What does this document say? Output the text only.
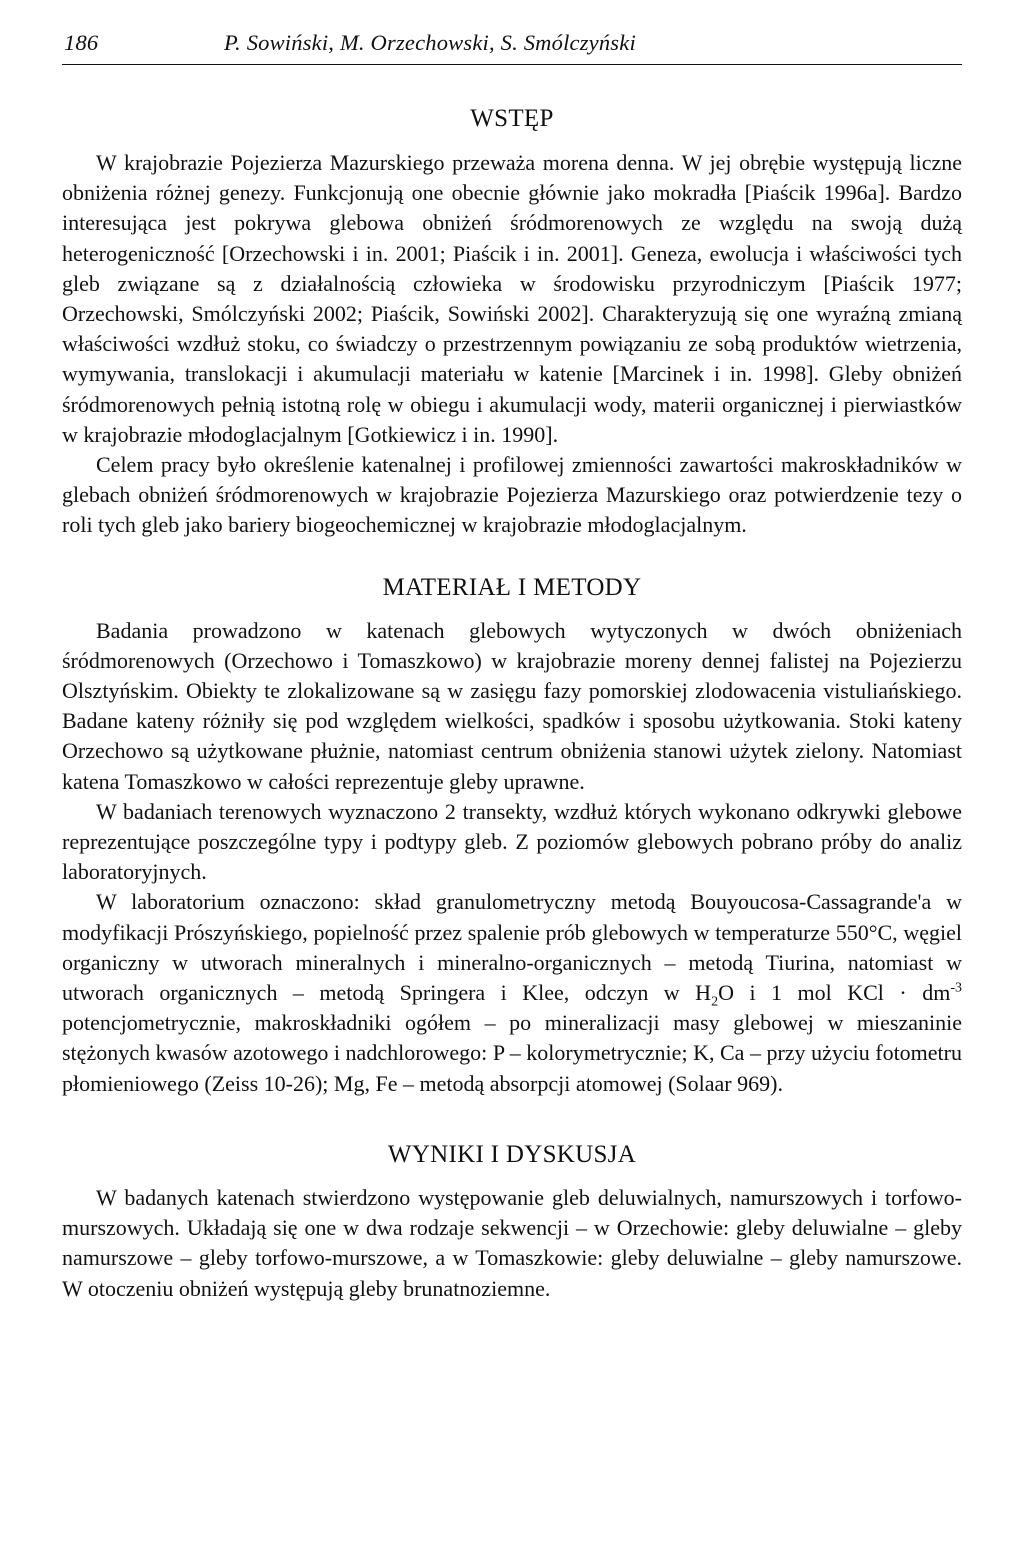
186	P. Sowiński, M. Orzechowski, S. Smólczyński
WSTĘP

W krajobrazie Pojezierza Mazurskiego przeważa morena denna. W jej obrębie występują liczne obniżenia różnej genezy. Funkcjonują one obecnie głównie jako mokradła [Piaścik 1996a]. Bardzo interesująca jest pokrywa glebowa obniżeń śródmorenowych ze względu na swoją dużą heterogeniczność [Orzechowski i in. 2001; Piaścik i in. 2001]. Geneza, ewolucja i właściwości tych gleb związane są z działalnością człowieka w środowisku przyrodniczym [Piaścik 1977; Orzechowski, Smólczyński 2002; Piaścik, Sowiński 2002]. Charakteryzują się one wyraźną zmianą właściwości wzdłuż stoku, co świadczy o przestrzennym powiązaniu ze sobą produktów wietrzenia, wymywania, translokacji i akumulacji materiału w katenie [Marcinek i in. 1998]. Gleby obniżeń śródmorenowych pełnią istotną rolę w obiegu i akumulacji wody, materii organicznej i pierwiastków w krajobrazie młodoglacjalnym [Gotkiewicz i in. 1990].

Celem pracy było określenie katenalnej i profilowej zmienności zawartości makroskładników w glebach obniżeń śródmorenowych w krajobrazie Pojezierza Mazurskiego oraz potwierdzenie tezy o roli tych gleb jako bariery biogeochemicznej w krajobrazie młodoglacjalnym.

MATERIAŁ I METODY

Badania prowadzono w katenach glebowych wytyczonych w dwóch obniżeniach śródmorenowych (Orzechowo i Tomaszkowo) w krajobrazie moreny dennej falistej na Pojezierzu Olsztyńskim. Obiekty te zlokalizowane są w zasięgu fazy pomorskiej zlodowacenia vistuliańskiego. Badane kateny różniły się pod względem wielkości, spadków i sposobu użytkowania. Stoki kateny Orzechowo są użytkowane płużnie, natomiast centrum obniżenia stanowi użytek zielony. Natomiast katena Tomaszkowo w całości reprezentuje gleby uprawne.

W badaniach terenowych wyznaczono 2 transekty, wzdłuż których wykonano odkrywki glebowe reprezentujące poszczególne typy i podtypy gleb. Z poziomów glebowych pobrano próby do analiz laboratoryjnych.

W laboratorium oznaczono: skład granulometryczny metodą Bouyoucosa-Cassagrande'a w modyfikacji Prószyńskiego, popielność przez spalenie prób glebowych w temperaturze 550°C, węgiel organiczny w utworach mineralnych i mineralno-organicznych – metodą Tiurina, natomiast w utworach organicznych – metodą Springera i Klee, odczyn w $H_2O$ i 1 mol KCl · $dm^{-3}$ potencjometrycznie, makroskładniki ogółem – po mineralizacji masy glebowej w mieszaninie stężonych kwasów azotowego i nadchlorowego: P – kolorymetrycznie; K, Ca – przy użyciu fotometru płomieniowego (Zeiss 10-26); Mg, Fe – metodą absorpcji atomowej (Solaar 969).

WYNIKI I DYSKUSJA

W badanych katenach stwierdzono występowanie gleb deluwialnych, namurszowych i torfowo-murszowych. Układają się one w dwa rodzaje sekwencji – w Orzechowie: gleby deluwialne – gleby namurszowe – gleby torfowo-murszowe, a w Tomaszkowie: gleby deluwialne – gleby namurszowe. W otoczeniu obniżeń występują gleby brunatnoziemne.
